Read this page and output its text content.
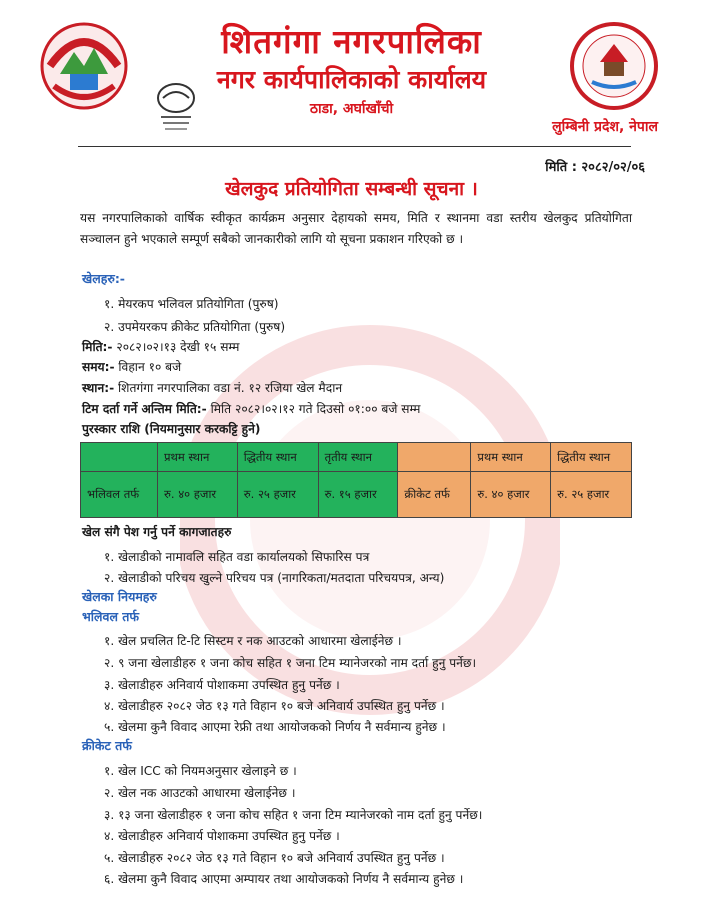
शितगंगा नगरपालिका
नगर कार्यपालिकाको कार्यालय
ठाडा, अर्घाखाँची
लुम्बिनी प्रदेश, नेपाल
मिति : २०८२/०२/०६
खेलकुद प्रतियोगिता सम्बन्धी सूचना ।
यस नगरपालिकाको वार्षिक स्वीकृत कार्यक्रम अनुसार देहायको समय, मिति र स्थानमा वडा स्तरीय खेलकुद प्रतियोगिता सञ्चालन हुने भएकाले सम्पूर्ण सबैको जानकारीको लागि यो सूचना प्रकाशन गरिएको छ ।
खेलहरु:-
१. मेयरकप भलिवल प्रतियोगिता (पुरुष)
२. उपमेयरकप क्रीकेट प्रतियोगिता (पुरुष)
मिति:- २०८२।०२।१३ देखी १५ सम्म
समय:- विहान १० बजे
स्थान:- शितगंगा नगरपालिका वडा नं. १२ रजिया खेल मैदान
टिम दर्ता गर्ने अन्तिम मिति:- मिति २०८२।०२।१२ गते दिउसो ०१:०० बजे सम्म
पुरस्कार राशि (नियमानुसार करकट्टि हुने)
	प्रथम स्थान	द्धितीय स्थान	तृतीय स्थान		प्रथम स्थान	द्धितीय स्थान
भलिवल तर्फ	रु. ४० हजार	रु. २५ हजार	रु. १५ हजार	क्रीकेट तर्फ	रु. ४० हजार	रु. २५ हजार
खेल संगै पेश गर्नु पर्ने कागजातहरु
१. खेलाडीको नामावलि सहित वडा कार्यालयको सिफारिस पत्र
२. खेलाडीको परिचय खुल्ने परिचय पत्र (नागरिकता/मतदाता परिचयपत्र, अन्य)
खेलका नियमहरु
भलिवल तर्फ
१. खेल प्रचलित टि-टि सिस्टम र नक आउटको आधारमा खेलाईनेछ ।
२. ९ जना खेलाडीहरु १ जना कोच सहित १ जना टिम म्यानेजरको नाम दर्ता हुनु पर्नेछ।
३. खेलाडीहरु अनिवार्य पोशाकमा उपस्थित हुनु पर्नेछ ।
४. खेलाडीहरु २०८२ जेठ १३ गते विहान १० बजे अनिवार्य उपस्थित हुनु पर्नेछ ।
५. खेलमा कुनै विवाद आएमा रेफ्री तथा आयोजकको निर्णय नै सर्वमान्य हुनेछ ।
क्रीकेट तर्फ
१. खेल ICC को नियमअनुसार खेलाइने छ ।
२. खेल नक आउटको आधारमा खेलाईनेछ ।
३. १३ जना खेलाडीहरु १ जना कोच सहित १ जना टिम म्यानेजरको नाम दर्ता हुनु पर्नेछ।
४. खेलाडीहरु अनिवार्य पोशाकमा उपस्थित हुनु पर्नेछ ।
५. खेलाडीहरु २०८२ जेठ १३ गते विहान १० बजे अनिवार्य उपस्थित हुनु पर्नेछ ।
६. खेलमा कुनै विवाद आएमा अम्पायर तथा आयोजकको निर्णय नै सर्वमान्य हुनेछ ।
